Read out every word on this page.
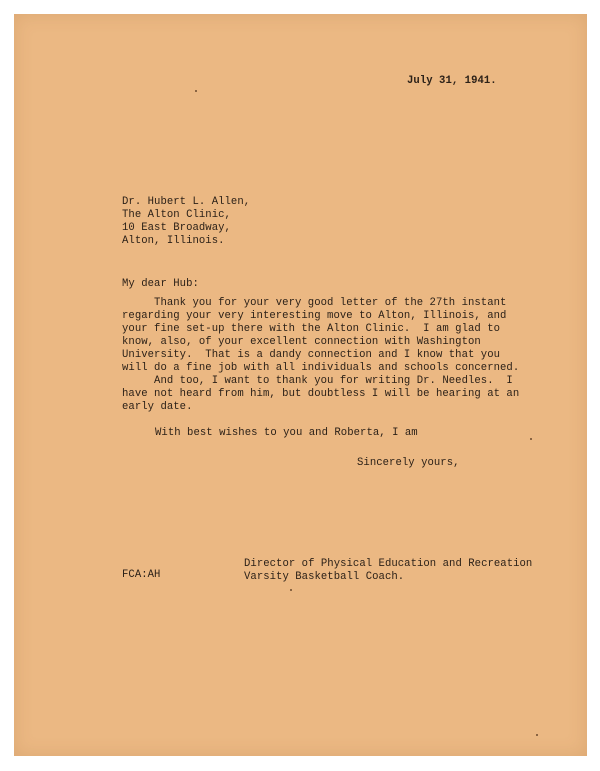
July 31, 1941.

Dr. Hubert L. Allen,
The Alton Clinic,
10 East Broadway,
Alton, Illinois.

My dear Hub:

Thank you for your very good letter of the 27th instant
regarding your very interesting move to Alton, Illinois, and
your fine set-up there with the Alton Clinic.  I am glad to
know, also, of your excellent connection with Washington
University.  That is a dandy connection and I know that you
will do a fine job with all individuals and schools concerned.
And too, I want to thank you for writing Dr. Needles.  I
have not heard from him, but doubtless I will be hearing at an
early date.

With best wishes to you and Roberta, I am

Sincerely yours,

Director of Physical Education and Recreation
Varsity Basketball Coach.

FCA:AH
